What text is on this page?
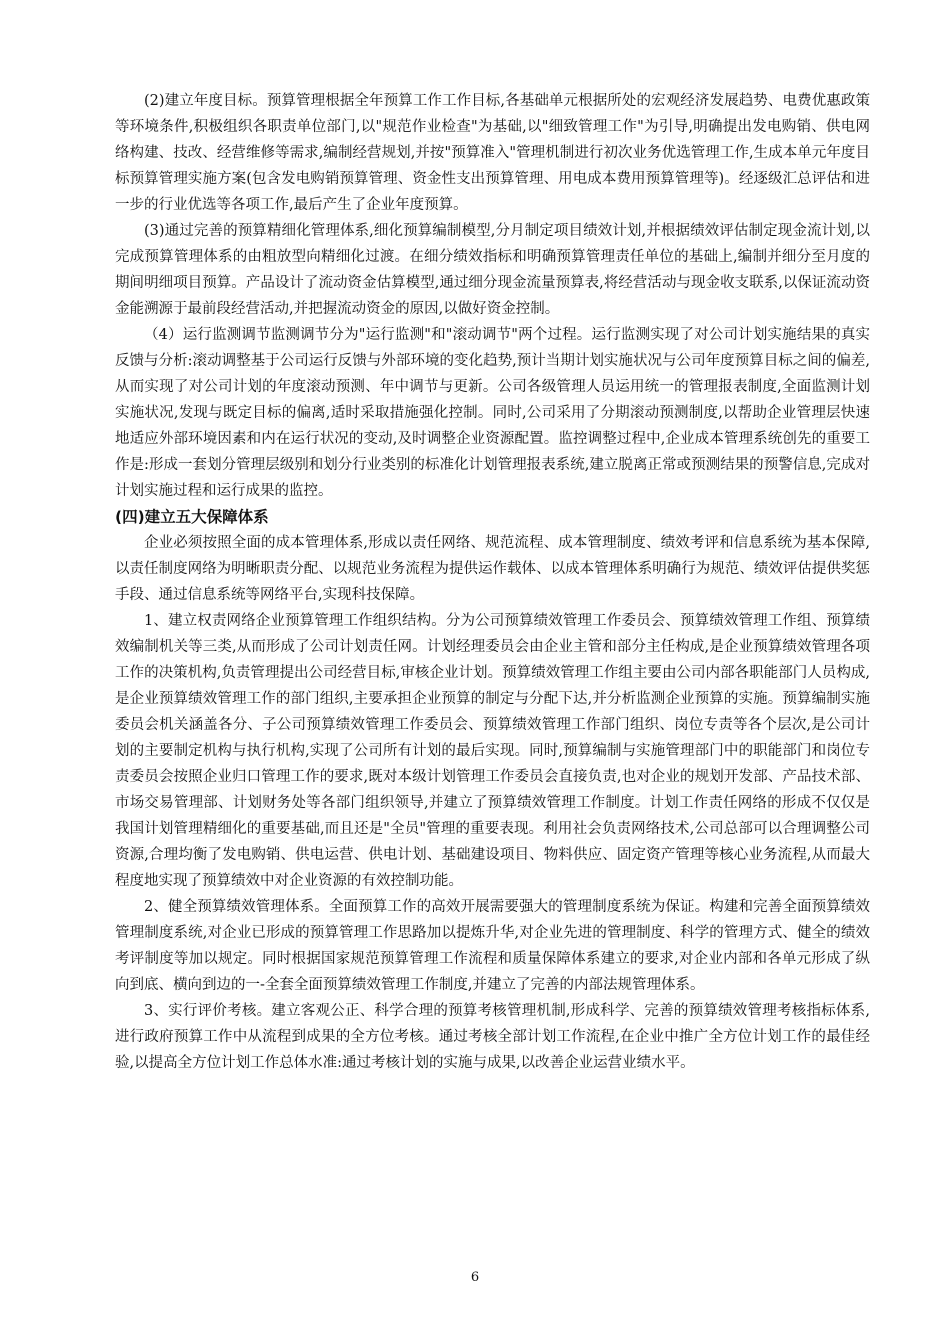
(2)建立年度目标。预算管理根据全年预算工作工作目标,各基础单元根据所处的宏观经济发展趋势、电费优惠政策等环境条件,积极组织各职责单位部门,以"规范作业检查"为基础,以"细致管理工作"为引导,明确提出发电购销、供电网络构建、技改、经营维修等需求,编制经营规划,并按"预算准入"管理机制进行初次业务优选管理工作,生成本单元年度目标预算管理实施方案(包含发电购销预算管理、资金性支出预算管理、用电成本费用预算管理等)。经逐级汇总评估和进一步的行业优选等各项工作,最后产生了企业年度预算。

(3)通过完善的预算精细化管理体系,细化预算编制模型,分月制定项目绩效计划,并根据绩效评估制定现金流计划,以完成预算管理体系的由粗放型向精细化过渡。在细分绩效指标和明确预算管理责任单位的基础上,编制并细分至月度的期间明细项目预算。产品设计了流动资金估算模型,通过细分现金流量预算表,将经营活动与现金收支联系,以保证流动资金能溯源于最前段经营活动,并把握流动资金的原因,以做好资金控制。

（4）运行监测调节监测调节分为"运行监测"和"滚动调节"两个过程。运行监测实现了对公司计划实施结果的真实反馈与分析:滚动调整基于公司运行反馈与外部环境的变化趋势,预计当期计划实施状况与公司年度预算目标之间的偏差,从而实现了对公司计划的年度滚动预测、年中调节与更新。公司各级管理人员运用统一的管理报表制度,全面监测计划实施状况,发现与既定目标的偏离,适时采取措施强化控制。同时,公司采用了分期滚动预测制度,以帮助企业管理层快速地适应外部环境因素和内在运行状况的变动,及时调整企业资源配置。监控调整过程中,企业成本管理系统创先的重要工作是:形成一套划分管理层级别和划分行业类别的标准化计划管理报表系统,建立脱离正常或预测结果的预警信息,完成对计划实施过程和运行成果的监控。

(四)建立五大保障体系

企业必须按照全面的成本管理体系,形成以责任网络、规范流程、成本管理制度、绩效考评和信息系统为基本保障,以责任制度网络为明晰职责分配、以规范业务流程为提供运作载体、以成本管理体系明确行为规范、绩效评估提供奖惩手段、通过信息系统等网络平台,实现科技保障。

1、建立权责网络企业预算管理工作组织结构。分为公司预算绩效管理工作委员会、预算绩效管理工作组、预算绩效编制机关等三类,从而形成了公司计划责任网。计划经理委员会由企业主管和部分主任构成,是企业预算绩效管理各项工作的决策机构,负责管理提出公司经营目标,审核企业计划。预算绩效管理工作组主要由公司内部各职能部门人员构成,是企业预算绩效管理工作的部门组织,主要承担企业预算的制定与分配下达,并分析监测企业预算的实施。预算编制实施委员会机关涵盖各分、子公司预算绩效管理工作委员会、预算绩效管理工作部门组织、岗位专责等各个层次,是公司计划的主要制定机构与执行机构,实现了公司所有计划的最后实现。同时,预算编制与实施管理部门中的职能部门和岗位专责委员会按照企业归口管理工作的要求,既对本级计划管理工作委员会直接负责,也对企业的规划开发部、产品技术部、市场交易管理部、计划财务处等各部门组织领导,并建立了预算绩效管理工作制度。计划工作责任网络的形成不仅仅是我国计划管理精细化的重要基础,而且还是"全员"管理的重要表现。利用社会负责网络技术,公司总部可以合理调整公司资源,合理均衡了发电购销、供电运营、供电计划、基础建设项目、物料供应、固定资产管理等核心业务流程,从而最大程度地实现了预算绩效中对企业资源的有效控制功能。

2、健全预算绩效管理体系。全面预算工作的高效开展需要强大的管理制度系统为保证。构建和完善全面预算绩效管理制度系统,对企业已形成的预算管理工作思路加以提炼升华,对企业先进的管理制度、科学的管理方式、健全的绩效考评制度等加以规定。同时根据国家规范预算管理工作流程和质量保障体系建立的要求,对企业内部和各单元形成了纵向到底、横向到边的一-全套全面预算绩效管理工作制度,并建立了完善的内部法规管理体系。

3、实行评价考核。建立客观公正、科学合理的预算考核管理机制,形成科学、完善的预算绩效管理考核指标体系,进行政府预算工作中从流程到成果的全方位考核。通过考核全部计划工作流程,在企业中推广全方位计划工作的最佳经验,以提高全方位计划工作总体水准:通过考核计划的实施与成果,以改善企业运营业绩水平。

6
